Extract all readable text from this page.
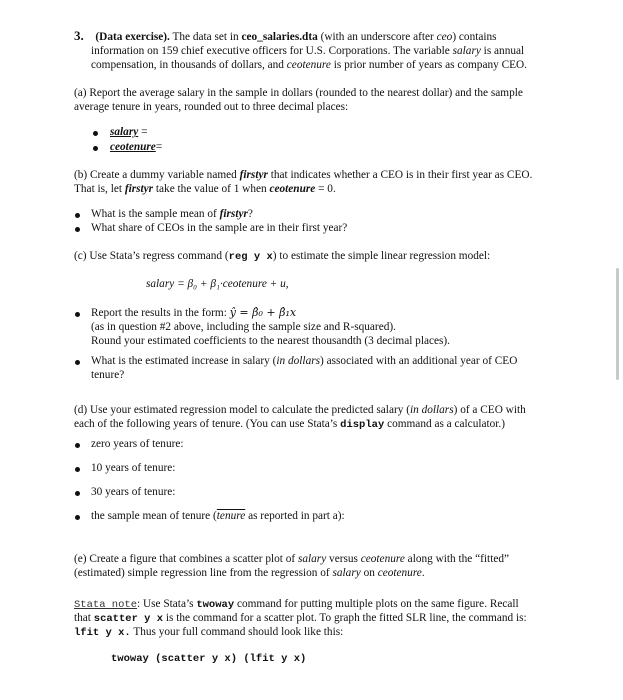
3. (Data exercise). The data set in ceo_salaries.dta (with an underscore after ceo) contains
information on 159 chief executive officers for U.S. Corporations. The variable salary is annual
compensation, in thousands of dollars, and ceotenure is prior number of years as company CEO.
(a) Report the average salary in the sample in dollars (rounded to the nearest dollar) and the sample
average tenure in years, rounded out to three decimal places:
salary =
ceotenure=
(b) Create a dummy variable named firstyr that indicates whether a CEO is in their first year as CEO.
That is, let firstyr take the value of 1 when ceotenure = 0.
What is the sample mean of firstyr?
What share of CEOs in the sample are in their first year?
(c) Use Stata’s regress command (reg y x) to estimate the simple linear regression model:
salary = β₀ + β₁·ceotenure + u,
Report the results in the form: ŷ = β̂₀ + β̂₁x
(as in question #2 above, including the sample size and R-squared).
Round your estimated coefficients to the nearest thousandth (3 decimal places).
What is the estimated increase in salary (in dollars) associated with an additional year of CEO
tenure?
(d) Use your estimated regression model to calculate the predicted salary (in dollars) of a CEO with
each of the following years of tenure. (You can use Stata’s display command as a calculator.)
zero years of tenure:
10 years of tenure:
30 years of tenure:
the sample mean of tenure (tenure as reported in part a):
(e) Create a figure that combines a scatter plot of salary versus ceotenure along with the “fitted”
(estimated) simple regression line from the regression of salary on ceotenure.
Stata note: Use Stata’s twoway command for putting multiple plots on the same figure. Recall
that scatter y x is the command for a scatter plot. To graph the fitted SLR line, the command is:
lfit y x. Thus your full command should look like this:
twoway (scatter y x) (lfit y x)
